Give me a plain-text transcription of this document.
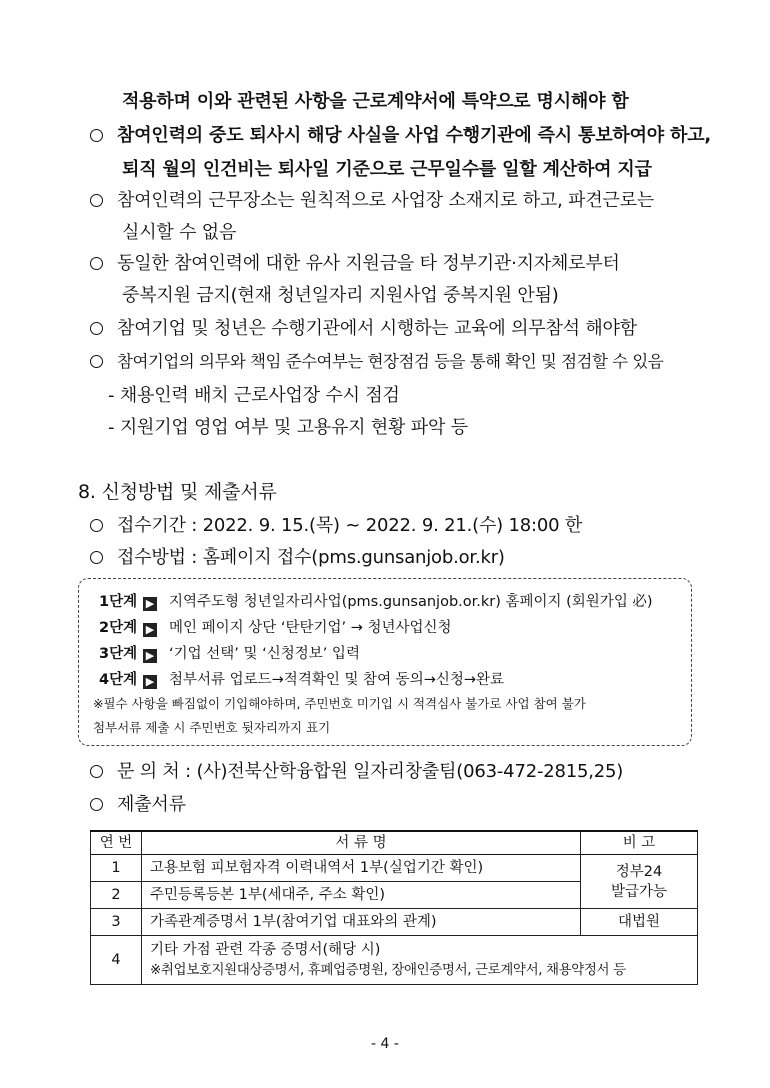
적용하며 이와 관련된 사항을 근로계약서에 특약으로 명시해야 함
참여인력의 중도 퇴사시 해당 사실을 사업 수행기관에 즉시 통보하여야 하고,
퇴직 월의 인건비는 퇴사일 기준으로 근무일수를 일할 계산하여 지급
참여인력의 근무장소는 원칙적으로 사업장 소재지로 하고, 파견근로는
실시할 수 없음
동일한 참여인력에 대한 유사 지원금을 타 정부기관·지자체로부터
중복지원 금지(현재 청년일자리 지원사업 중복지원 안됨)
참여기업 및 청년은 수행기관에서 시행하는 교육에 의무참석 해야함
참여기업의 의무와 책임 준수여부는 현장점검 등을 통해 확인 및 점검할 수 있음
- 채용인력 배치 근로사업장 수시 점검
- 지원기업 영업 여부 및 고용유지 현황 파악 등
8. 신청방법 및 제출서류
접수기간 : 2022. 9. 15.(목) ~ 2022. 9. 21.(수) 18:00 한
접수방법 : 홈페이지 접수(pms.gunsanjob.or.kr)
1단계 ▶ 지역주도형 청년일자리사업(pms.gunsanjob.or.kr) 홈페이지 (회원가입 必)
2단계 ▶ 메인 페이지 상단 ‘탄탄기업’ → 청년사업신청
3단계 ▶ ‘기업 선택’ 및 ‘신청정보’ 입력
4단계 ▶ 첨부서류 업로드→적격확인 및 참여 동의→신청→완료
※필수 사항을 빠짐없이 기입해야하며, 주민번호 미기입 시 적격심사 불가로 사업 참여 불가
첨부서류 제출 시 주민번호 뒷자리까지 표기
문 의 처 : (사)전북산학융합원 일자리창출팀(063-472-2815,25)
제출서류
연 번	서 류 명	비 고
1	고용보험 피보험자격 이력내역서 1부(실업기간 확인)	정부24
발급가능

2	주민등록등본 1부(세대주, 주소 확인)	
3	가족관계증명서 1부(참여기업 대표와의 관계)	대법원
4	기타 가점 관련 각종 증명서(해당 시)
※취업보호지원대상증명서, 휴폐업증명원, 장애인증명서, 근로계약서, 채용약정서 등	
- 4 -
